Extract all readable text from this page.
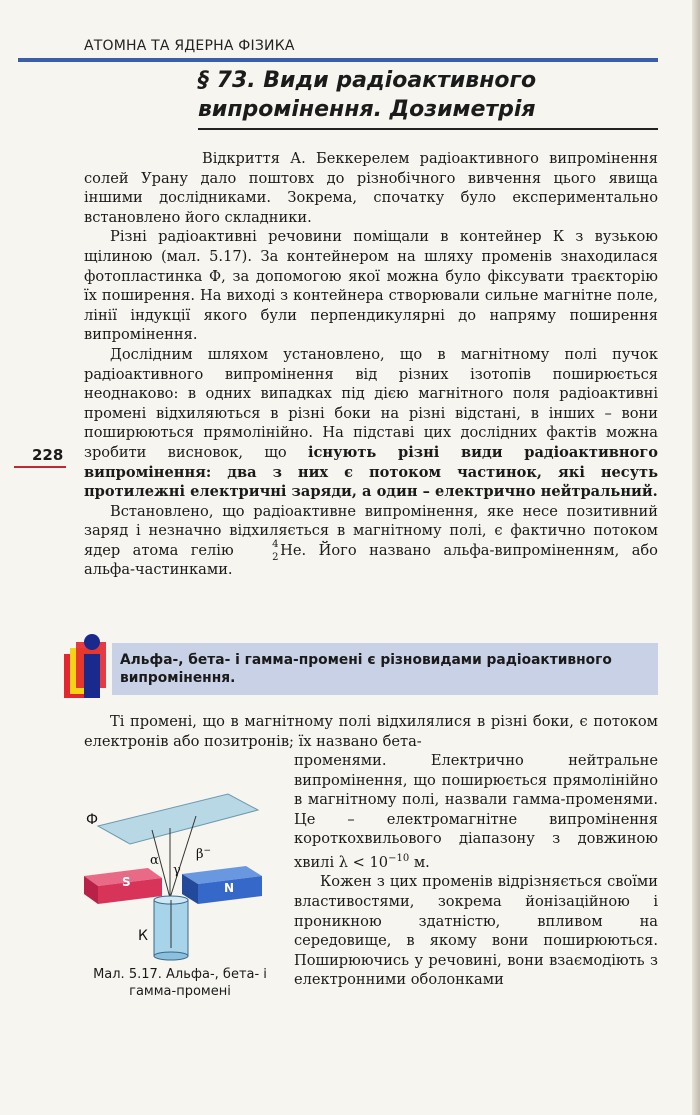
АТОМНА ТА ЯДЕРНА ФІЗИКА
§ 73. Види радіоактивного випромінення. Дозиметрія

Відкриття А. Беккерелем радіоактивного випромінення солей Урану дало поштовх до різнобічного вивчення цього явища іншими дослідниками. Зокрема, спочатку було експериментально встановлено його складники.

Різні радіоактивні речовини поміщали в контейнер К з вузькою щілиною (мал. 5.17). За контейнером на шляху променів знаходилася фотопластинка Ф, за допомогою якої можна було фіксувати траєкторію їх поширення. На виході з контейнера створювали сильне магнітне поле, лінії індукції якого були перпендикулярні до напряму поширення випромінення.

Дослідним шляхом установлено, що в магнітному полі пучок радіоактивного випромінення від різних ізотопів поширюється неоднаково: в одних випадках під дією магнітного поля радіоактивні промені відхиляються в різні боки на різні відстані, в інших – вони поширюються прямолінійно. На підставі цих дослідних фактів можна зробити висновок, що існують різні види радіоактивного випромінення: два з них є потоком частинок, які несуть протилежні електричні заряди, а один – електрично нейтральний.

Встановлено, що радіоактивне випромінення, яке несе позитивний заряд і незначно відхиляється в магнітному полі, є фактично потоком ядер атома гелію	4
2 He. Його названо альфа-випроміненням, або альфа-частинками.

228
Альфа-, бета- і гамма-промені є різновидами радіоактивного випромінення.

Ті промені, що в магнітному полі відхилялися в різні боки, є потоком електронів або позитронів; їх названо бета-

променями. Електрично нейтральне випромінення, що поширюється прямолінійно в магнітному полі, назвали гамма-променями. Це – електромагнітне випромінення короткохвильового діапазону з довжиною хвилі $\lambda < 10^{-10}$ м.

Кожен з цих променів відрізняється своїми властивостями, зокрема йонізаційною і проникною здатністю, впливом на середовище, в якому вони поширюються. Поширюючись у речовині, вони взаємодіють з електронними оболонками

Ф
α	β−
γ
S	N
К
Мал. 5.17. Альфа-, бета- і гамма-промені
